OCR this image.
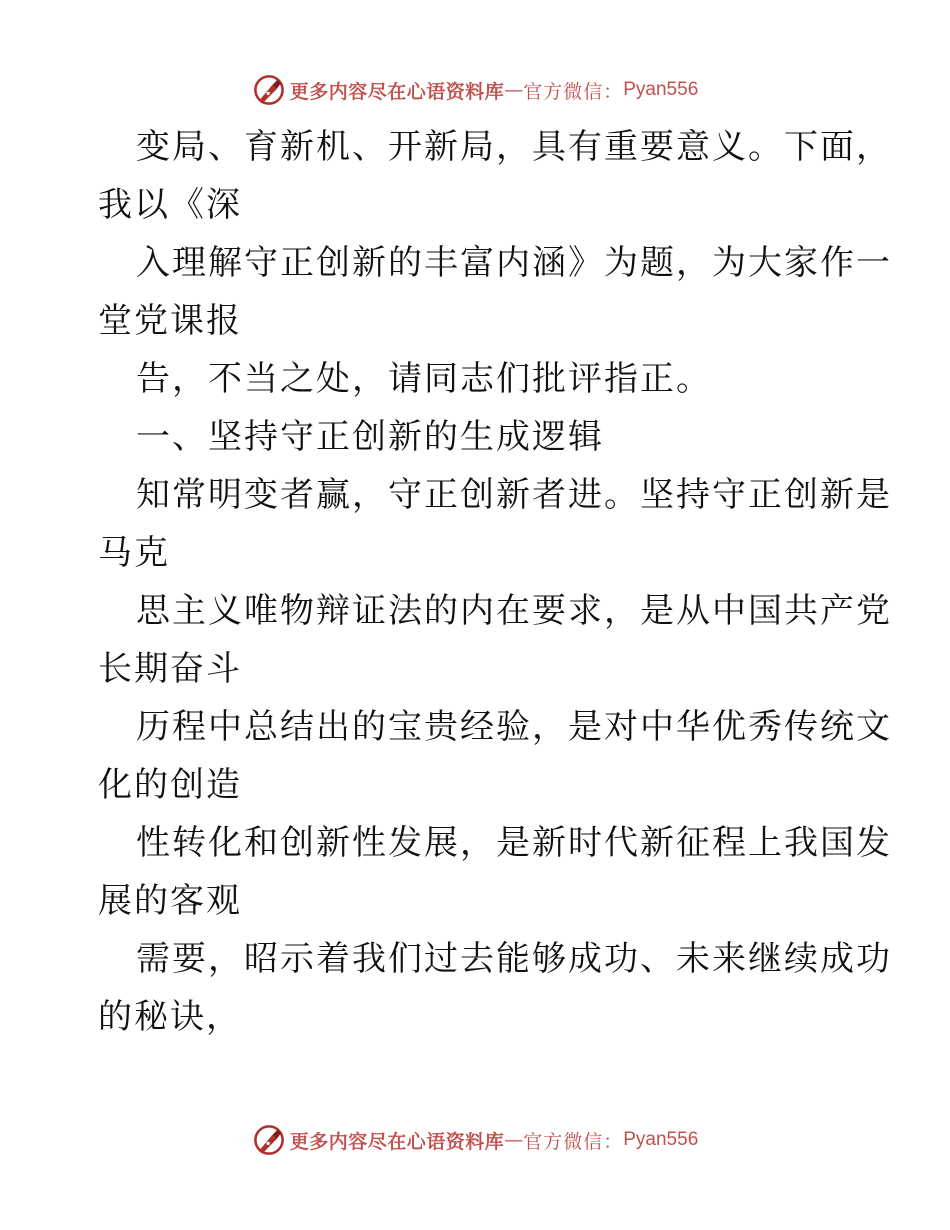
更多内容尽在心语资料库 — 官方微信： Pyan556
变局、育新机、开新局，具有重要意义。下面，
我以《深
入理解守正创新的丰富内涵》为题，为大家作一
堂党课报
告，不当之处，请同志们批评指正。
一、坚持守正创新的生成逻辑
知常明变者赢，守正创新者进。坚持守正创新是
马克
思主义唯物辩证法的内在要求，是从中国共产党
长期奋斗
历程中总结出的宝贵经验，是对中华优秀传统文
化的创造
性转化和创新性发展，是新时代新征程上我国发
展的客观
需要，昭示着我们过去能够成功、未来继续成功
的秘诀，
更多内容尽在心语资料库 — 官方微信： Pyan556
